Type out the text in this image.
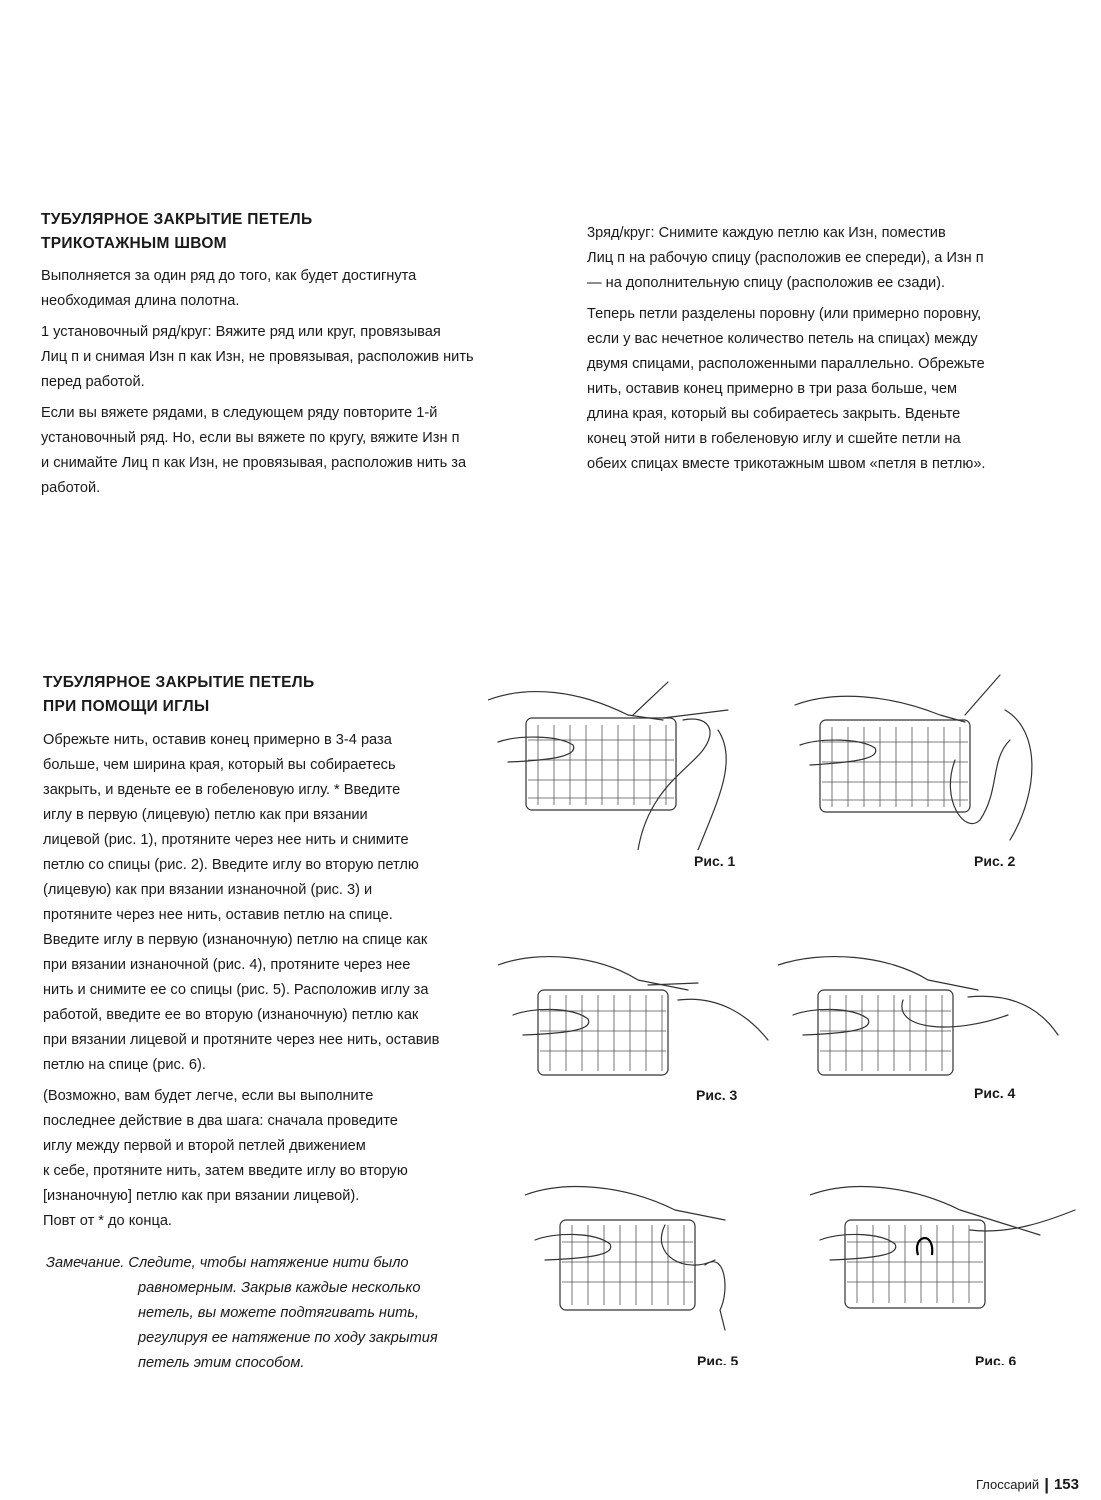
ТУБУЛЯРНОЕ ЗАКРЫТИЕ ПЕТЕЛЬ

ТРИКОТАЖНЫМ ШВОМ

Выполняется за один ряд до того, как будет достигнута
необходимая длина полотна.

1 установочный ряд/круг: Вяжите ряд или круг, провязывая
Лиц п и снимая Изн п как Изн, не провязывая, расположив нить
перед работой.

Если вы вяжете рядами, в следующем ряду повторите 1-й
установочный ряд. Но, если вы вяжете по кругу, вяжите Изн п
и снимайте Лиц п как Изн, не провязывая, расположив нить за
работой.

3ряд/круг: Снимите каждую петлю как Изн, поместив
Лиц п на рабочую спицу (расположив ее спереди), а Изн п
— на дополнительную спицу (расположив ее сзади).

Теперь петли разделены поровну (или примерно поровну,
если у вас нечетное количество петель на спицах) между
двумя спицами, расположенными параллельно. Обрежьте
нить, оставив конец примерно в три раза больше, чем
длина края, который вы собираетесь закрыть. Вденьте
конец этой нити в гобеленовую иглу и сшейте петли на
обеих спицах вместе трикотажным швом «петля в петлю».

ТУБУЛЯРНОЕ ЗАКРЫТИЕ ПЕТЕЛЬ

ПРИ ПОМОЩИ ИГЛЫ

Обрежьте нить, оставив конец примерно в 3-4 раза
больше, чем ширина края, который вы собираетесь
закрыть, и вденьте ее в гобеленовую иглу. * Введите
иглу в первую (лицевую) петлю как при вязании
лицевой (рис. 1), протяните через нее нить и снимите
петлю со спицы (рис. 2). Введите иглу во вторую петлю
(лицевую) как при вязании изнаночной (рис. 3) и
протяните через нее нить, оставив петлю на спице.
Введите иглу в первую (изнаночную) петлю на спице как
при вязании изнаночной (рис. 4), протяните через нее
нить и снимите ее со спицы (рис. 5). Расположив иглу за
работой, введите ее во вторую (изнаночную) петлю как
при вязании лицевой и протяните через нее нить, оставив
петлю на спице (рис. 6).

(Возможно, вам будет легче, если вы выполните
последнее действие в два шага: сначала проведите
иглу между первой и второй петлей движением
к себе, протяните нить, затем введите иглу во вторую
[изнаночную] петлю как при вязании лицевой).
Повт от * до конца.

Замечание. Следите, чтобы натяжение нити было
равномерным. Закрыв каждые несколько
нетель, вы можете подтягивать нить,
регулируя ее натяжение по ходу закрытия
петель этим способом.
Рис. 1	Рис. 2
Рис. 3	Рис. 4
Рис. 5	Рис. 6
Глоссарий | 153
